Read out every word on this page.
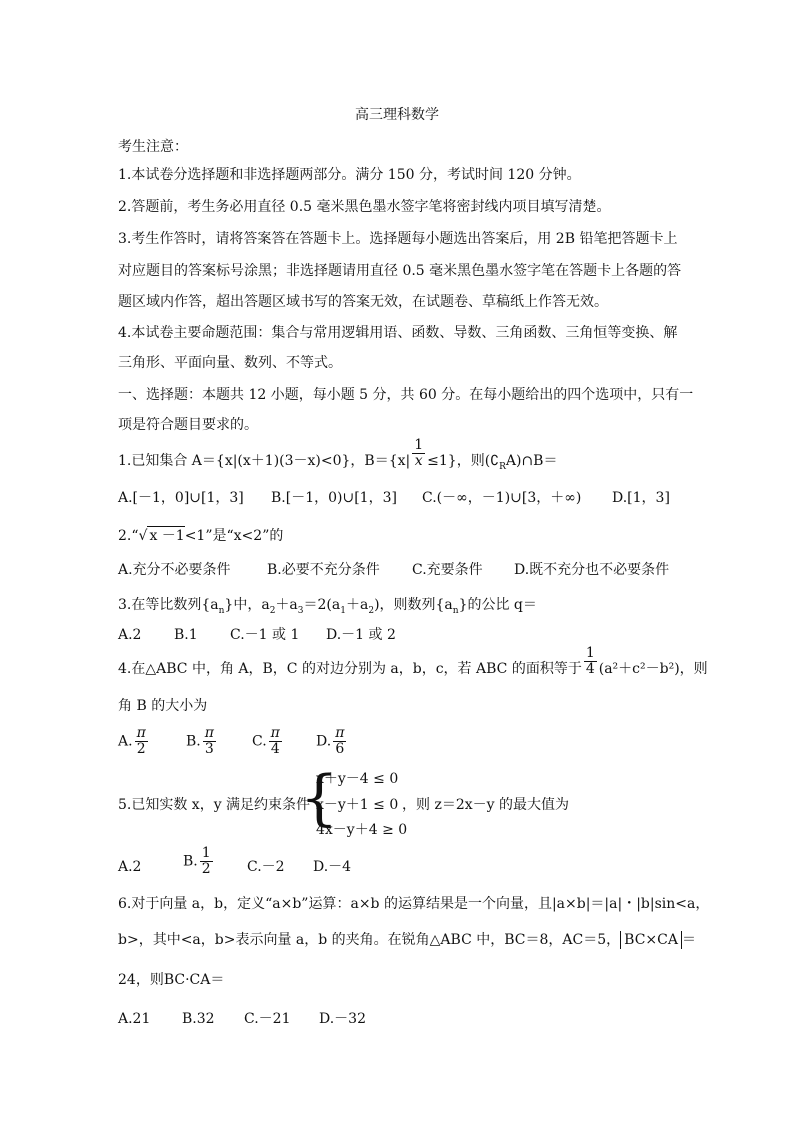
高三理科数学
考生注意：
1.本试卷分选择题和非选择题两部分。满分 150 分，考试时间 120 分钟。
2.答题前，考生务必用直径 0.5 毫米黑色墨水签字笔将密封线内项目填写清楚。
3.考生作答时，请将答案答在答题卡上。选择题每小题选出答案后，用 2B 铅笔把答题卡上
对应题目的答案标号涂黑；非选择题请用直径 0.5 毫米黑色墨水签字笔在答题卡上各题的答
题区域内作答，超出答题区域书写的答案无效，在试题卷、草稿纸上作答无效。
4.本试卷主要命题范围：集合与常用逻辑用语、函数、导数、三角函数、三角恒等变换、解
三角形、平面向量、数列、不等式。
一、选择题：本题共 12 小题，每小题 5 分，共 60 分。在每小题给出的四个选项中，只有一
项是符合题目要求的。
1.已知集合 A＝{x|(x＋1)(3－x)<0}，$B=\{x| \frac{1}{x} \le 1\}$，则$(∁_RA)\cap B=$
A.[－1，0]∪[1，3] B.[－1，0)∪[1，3] C.(－∞，－1)∪[3，＋∞) D.[1，3]
2.“√ x －1<1”是“x<2”的
A.充分不必要条件	B.必要不充分条件 C.充要条件 D.既不充分也不必要条件
3.在等比数列$\{a_n\}$中，$a_2+a_3=2(a_1+a_2)$，则数列$\{a_n\}$的公比 q＝
A.2 B.1 C.－1 或 1 D.－1 或 2
4.在△ABC 中，角 A，B，C 的对边分别为 a，b，c，若 ABC 的面积等于 $\frac{1}{4} (a^2+c^2-b^2)$，则
角 B 的大小为
A. $\frac{\pi}{2}$	B. $\frac{\pi}{3}$	C. $\frac{\pi}{4} D$. $\frac{\pi}{6}$
5.已知实数 x，y 满足约束条件
{
x＋y－4 ≤ 0
x－y＋1 ≤ 0
4x－y＋4 ≥ 0
，则 z＝2x－y 的最大值为
A.2	B. $\frac{1}{2} C.-2$ D.－4
6.对于向量 a，b，定义“a×b”运算：a×b 的运算结果是一个向量，且|a×b|＝|a|・|b|sin<a，
b>，其中<a，b>表示向量 a，b 的夹角。在锐角△ABC 中，BC＝8，AC＝5， BC×CA ＝
24，则BC·CA＝
A.21 B.32 C.－21 D.－32
